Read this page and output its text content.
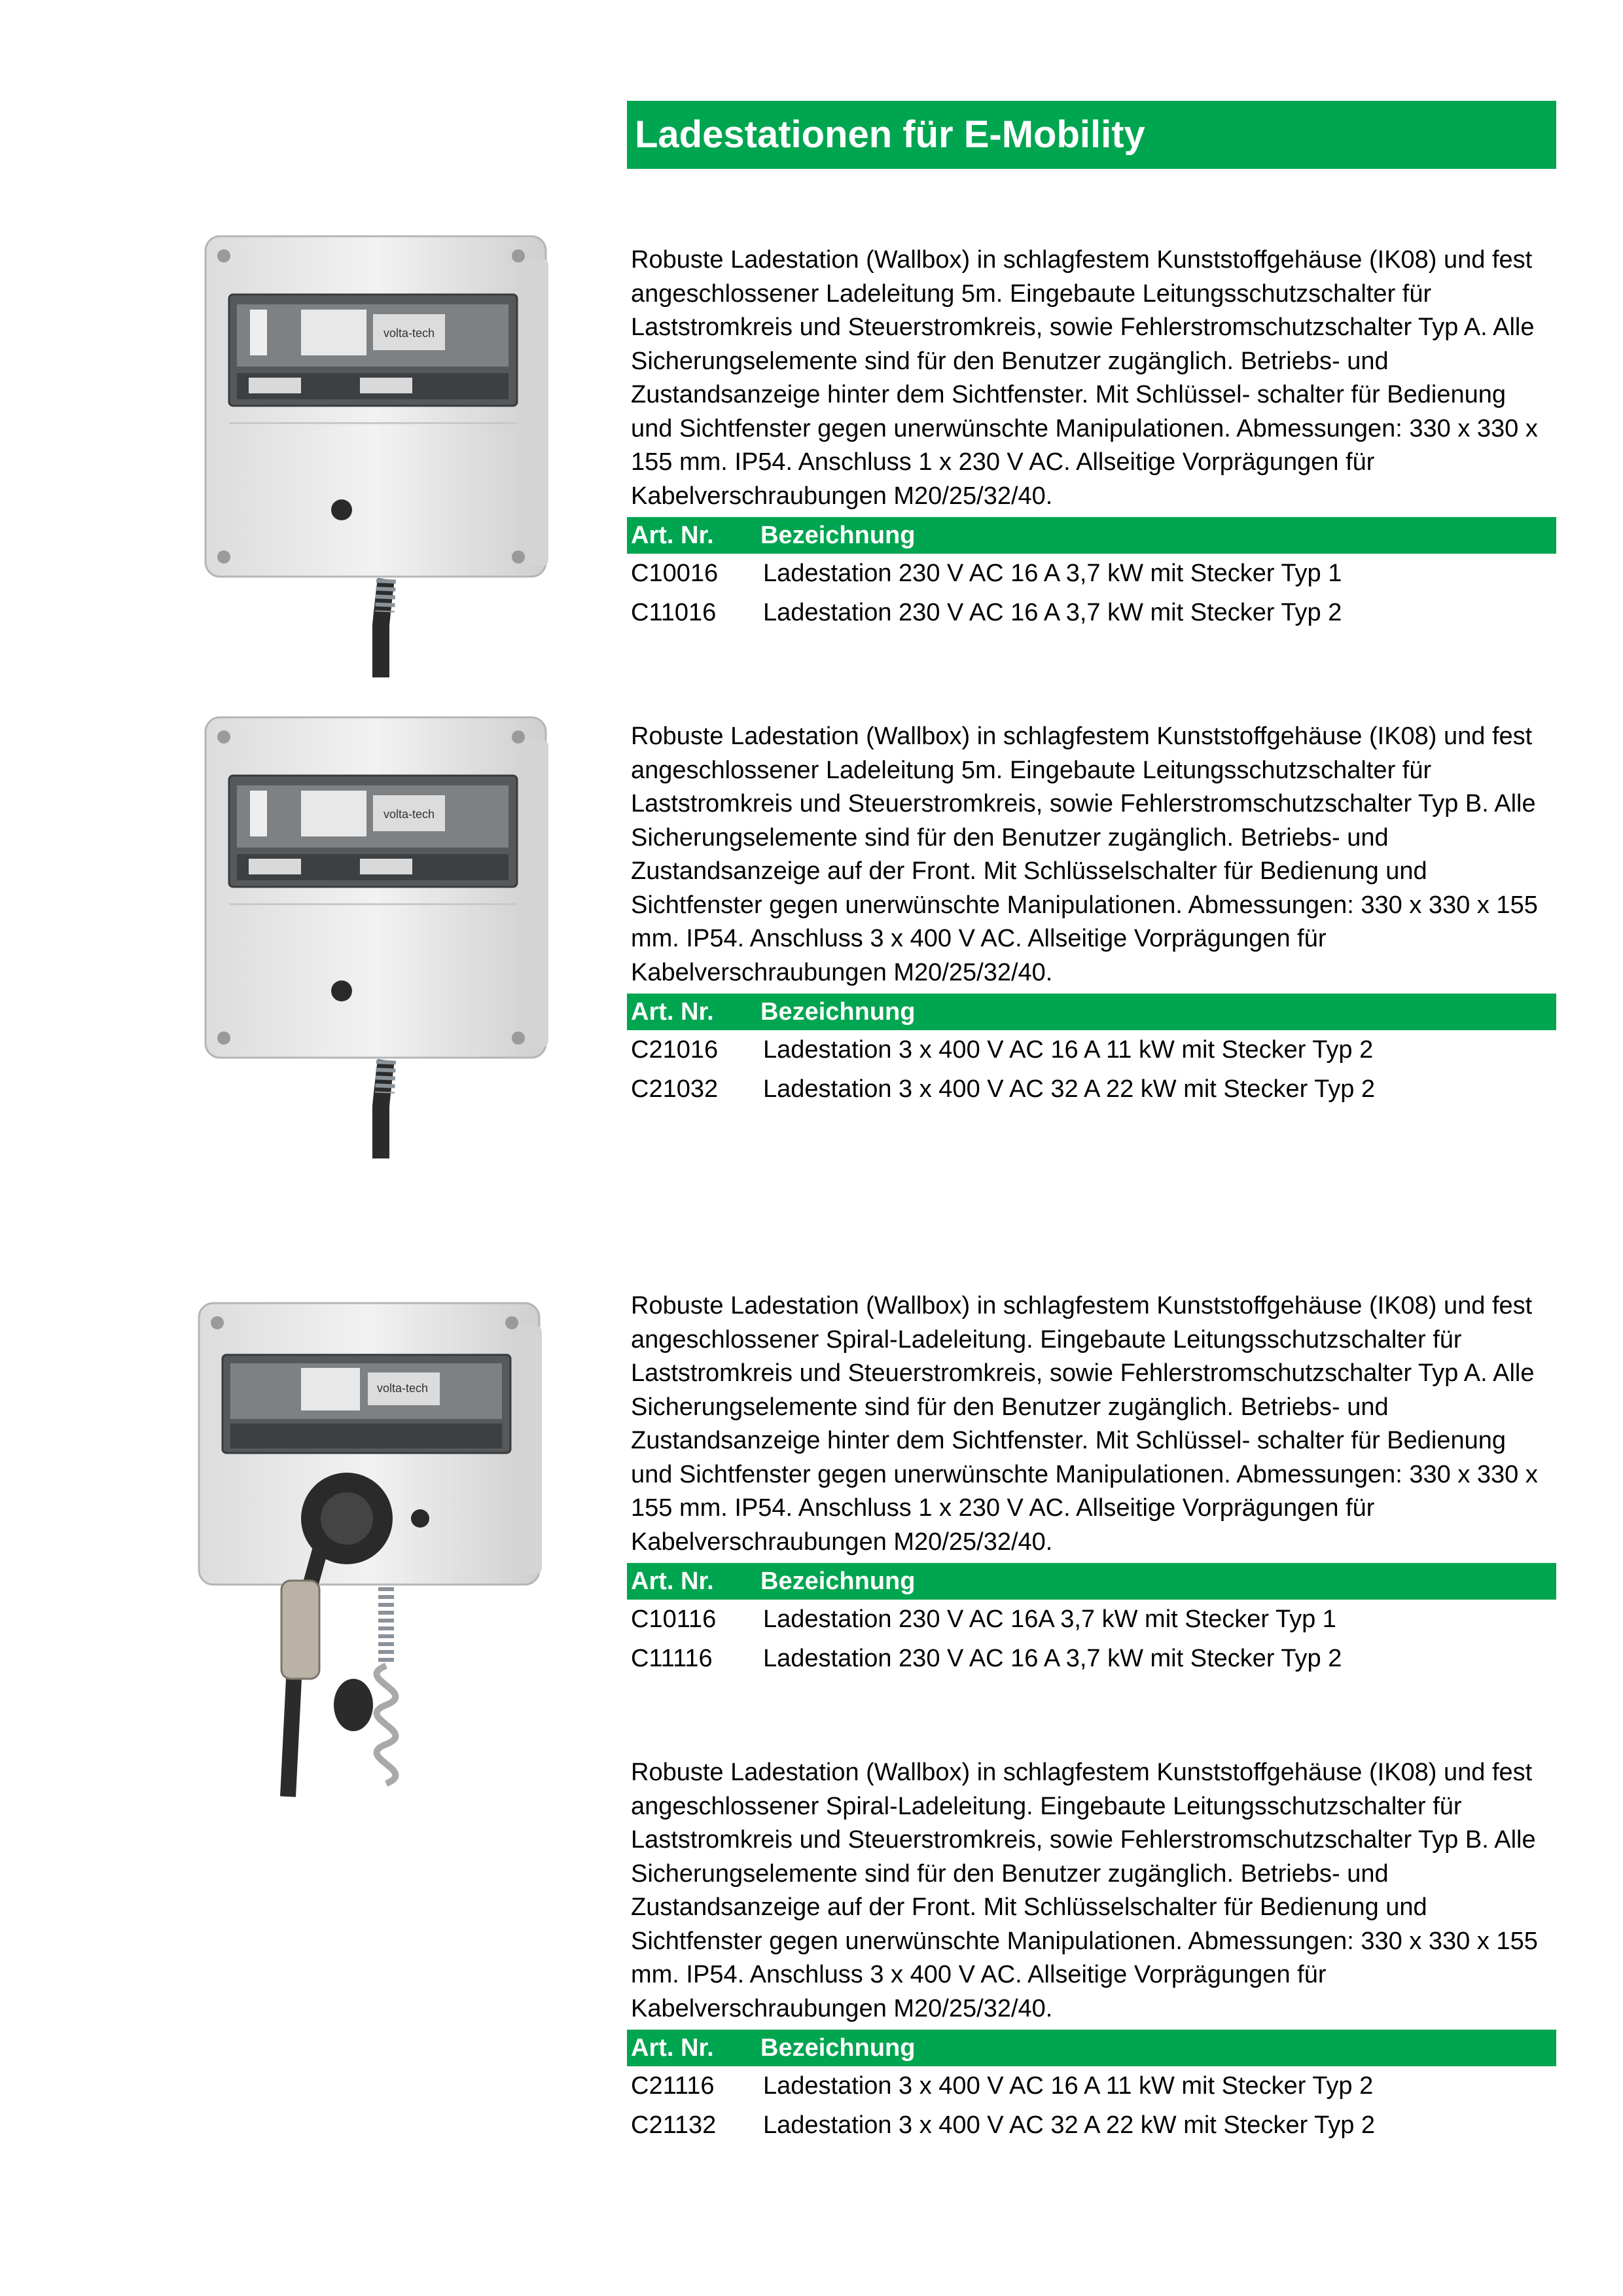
Ladestationen für E-Mobility
volta-tech
volta-tech
volta-tech

Robuste Ladestation (Wallbox) in schlagfestem Kunststoffgehäuse (IK08) und fest angeschlossener Ladeleitung 5m. Eingebaute Leitungsschutzschalter für Laststromkreis und Steuerstromkreis, sowie Fehlerstromschutzschalter Typ A. Alle Sicherungselemente sind für den Benutzer zugänglich. Betriebs- und Zustandsanzeige hinter dem Sichtfenster. Mit Schlüssel- schalter für Bedienung und Sichtfenster gegen unerwünschte Manipulationen. Abmessungen: 330 x 330 x 155 mm. IP54. Anschluss 1 x 230 V AC. Allseitige Vorprägungen für Kabelverschraubungen M20/25/32/40.

Art. Nr. Bezeichnung
C10016 Ladestation 230 V AC 16 A 3,7 kW mit Stecker Typ 1
C11016 Ladestation 230 V AC 16 A 3,7 kW mit Stecker Typ 2

Robuste Ladestation (Wallbox) in schlagfestem Kunststoffgehäuse (IK08) und fest angeschlossener Ladeleitung 5m. Eingebaute Leitungsschutzschalter für Laststromkreis und Steuerstromkreis, sowie Fehlerstromschutzschalter Typ B. Alle Sicherungselemente sind für den Benutzer zugänglich. Betriebs- und Zustandsanzeige auf der Front. Mit Schlüsselschalter für Bedienung und Sichtfenster gegen unerwünschte Manipulationen. Abmessungen: 330 x 330 x 155 mm. IP54. Anschluss 3 x 400 V AC. Allseitige Vorprägungen für Kabelverschraubungen M20/25/32/40.

Art. Nr. Bezeichnung
C21016 Ladestation 3 x 400 V AC 16 A 11 kW mit Stecker Typ 2
C21032 Ladestation 3 x 400 V AC 32 A 22 kW mit Stecker Typ 2

Robuste Ladestation (Wallbox) in schlagfestem Kunststoffgehäuse (IK08) und fest angeschlossener Spiral-Ladeleitung. Eingebaute Leitungsschutzschalter für Laststromkreis und Steuerstromkreis, sowie Fehlerstromschutzschalter Typ A. Alle Sicherungselemente sind für den Benutzer zugänglich. Betriebs- und Zustandsanzeige hinter dem Sichtfenster. Mit Schlüssel- schalter für Bedienung und Sichtfenster gegen unerwünschte Manipulationen. Abmessungen: 330 x 330 x 155 mm. IP54. Anschluss 1 x 230 V AC. Allseitige Vorprägungen für Kabelverschraubungen M20/25/32/40.

Art. Nr. Bezeichnung
C10116 Ladestation 230 V AC 16A 3,7 kW mit Stecker Typ 1
C11116 Ladestation 230 V AC 16 A 3,7 kW mit Stecker Typ 2

Robuste Ladestation (Wallbox) in schlagfestem Kunststoffgehäuse (IK08) und fest angeschlossener Spiral-Ladeleitung. Eingebaute Leitungsschutzschalter für Laststromkreis und Steuerstromkreis, sowie Fehlerstromschutzschalter Typ B. Alle Sicherungselemente sind für den Benutzer zugänglich. Betriebs- und Zustandsanzeige auf der Front. Mit Schlüsselschalter für Bedienung und Sichtfenster gegen unerwünschte Manipulationen. Abmessungen: 330 x 330 x 155 mm. IP54. Anschluss 3 x 400 V AC. Allseitige Vorprägungen für Kabelverschraubungen M20/25/32/40.

Art. Nr. Bezeichnung
C21116 Ladestation 3 x 400 V AC 16 A 11 kW mit Stecker Typ 2
C21132 Ladestation 3 x 400 V AC 32 A 22 kW mit Stecker Typ 2
